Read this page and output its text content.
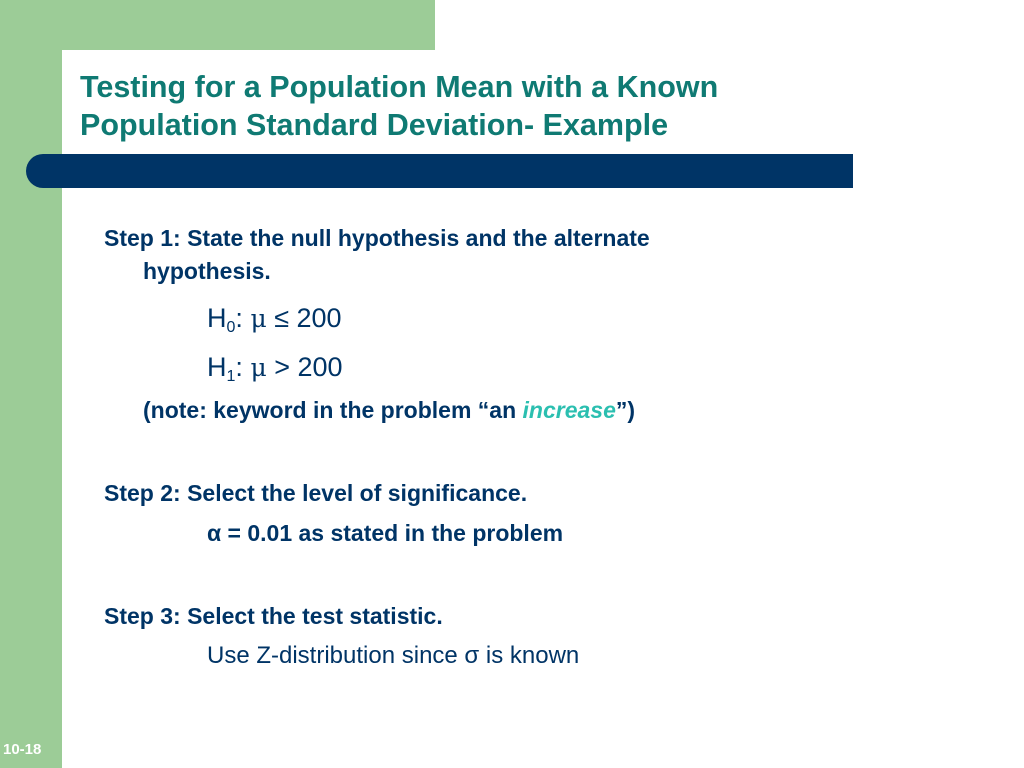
Testing for a Population Mean with a Known
Population Standard Deviation- Example
Step 1: State the null hypothesis and the alternate
hypothesis.
$H_0$: μ ≤ 200
$H_1$: μ > 200
(note: keyword in the problem “an increase”)
Step 2: Select the level of significance.
α = 0.01 as stated in the problem
Step 3: Select the test statistic.
Use Z-distribution since σ is known
10-18
